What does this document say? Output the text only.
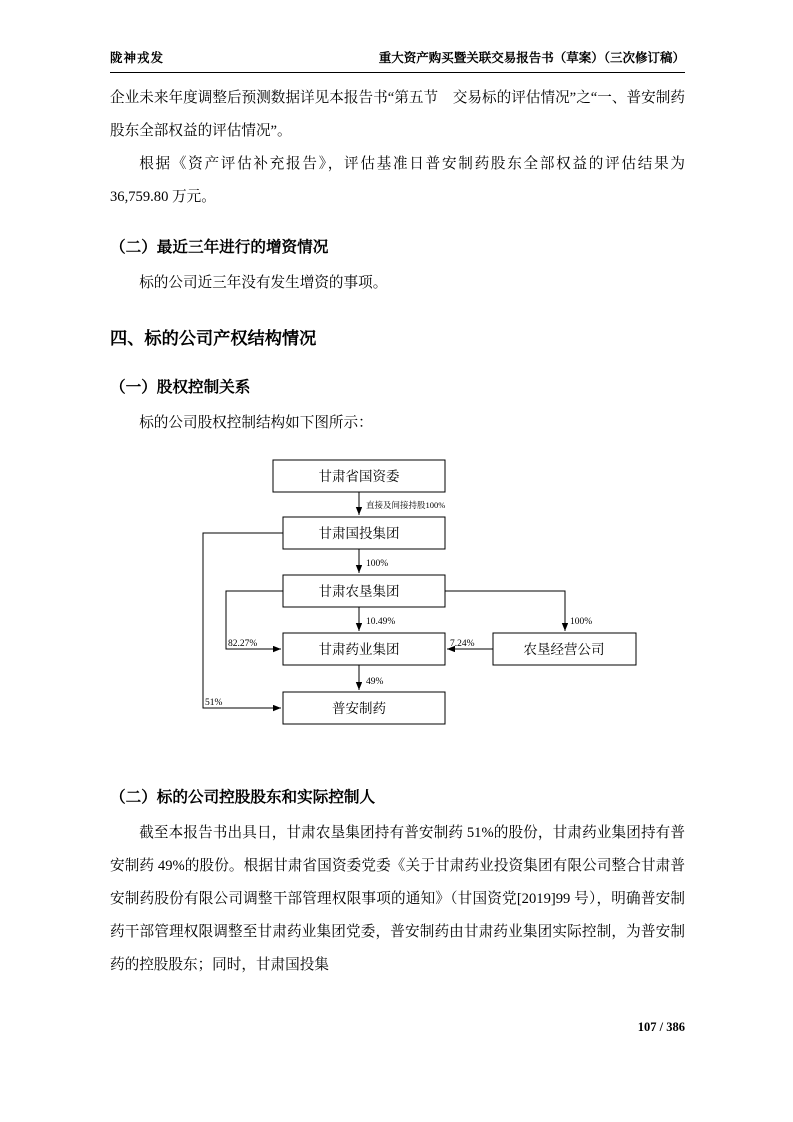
陇神戎发	重大资产购买暨关联交易报告书（草案）（三次修订稿）

企业未来年度调整后预测数据详见本报告书“第五节　交易标的评估情况”之“一、普安制药股东全部权益的评估情况”。

根据《资产评估补充报告》，评估基准日普安制药股东全部权益的评估结果为 36,759.80 万元。

（二）最近三年进行的增资情况

标的公司近三年没有发生增资的事项。

四、标的公司产权结构情况
（一）股权控制关系

标的公司股权控制结构如下图所示：

甘肃省国资委
甘肃国投集团
甘肃农垦集团
甘肃药业集团	农垦经营公司
普安制药
直接及间接持股100%
100%
10.49%	100%
82.27%	7.24%
49%
51%
（二）标的公司控股股东和实际控制人

截至本报告书出具日，甘肃农垦集团持有普安制药 51%的股份，甘肃药业集团持有普安制药 49%的股份。根据甘肃省国资委党委《关于甘肃药业投资集团有限公司整合甘肃普安制药股份有限公司调整干部管理权限事项的通知》（甘国资党[2019]99 号），明确普安制药干部管理权限调整至甘肃药业集团党委，普安制药由甘肃药业集团实际控制，为普安制药的控股股东；同时，甘肃国投集

107 / 386
